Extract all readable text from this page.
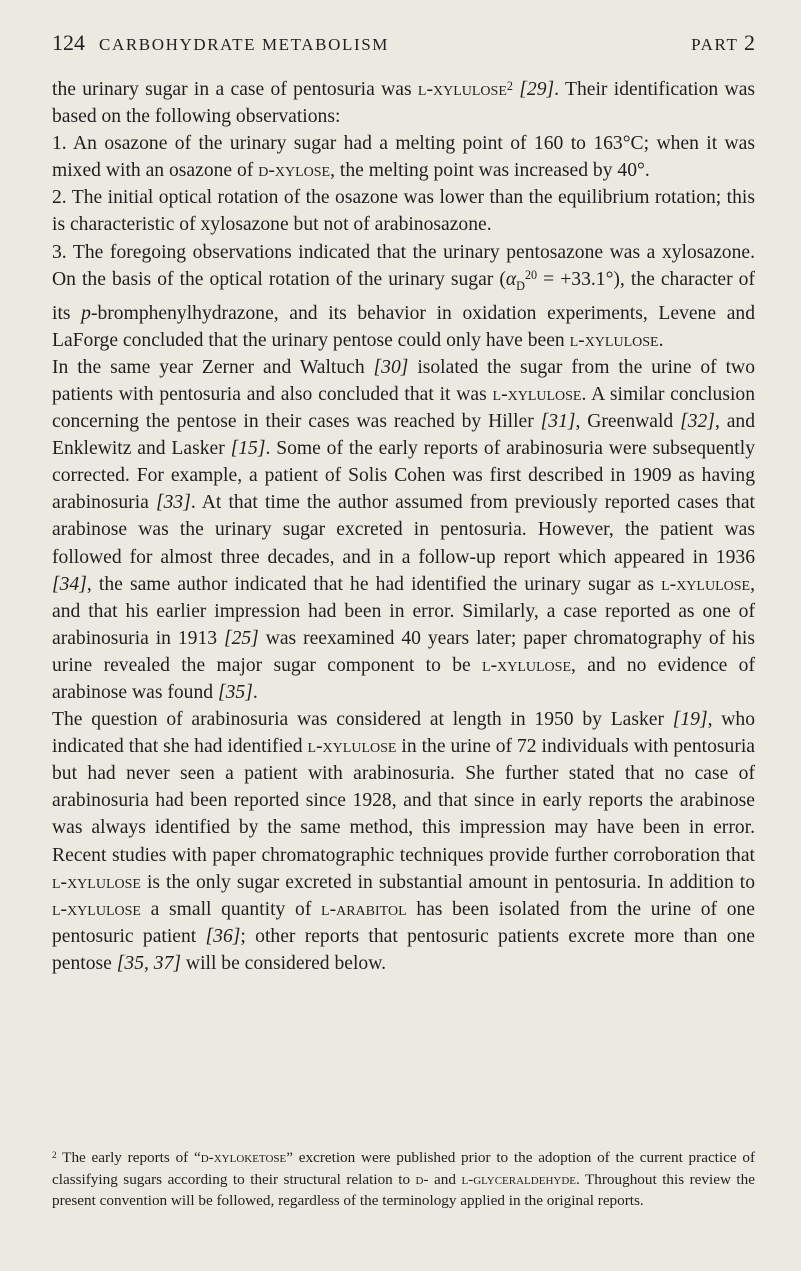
124 CARBOHYDRATE METABOLISM	PART 2

the urinary sugar in a case of pentosuria was l-xylulose$^2$ [29]. Their identification was based on the following observations:

1. An osazone of the urinary sugar had a melting point of 160 to 163°C; when it was mixed with an osazone of d-xylose, the melting point was increased by 40°.

2. The initial optical rotation of the osazone was lower than the equilibrium rotation; this is characteristic of xylosazone but not of arabinosazone.

3. The foregoing observations indicated that the urinary pentosazone was a xylosazone. On the basis of the optical rotation of the urinary sugar $(\alpha_D^{20} = +33.1^\circ)$, the character of its p-bromphenylhydrazone, and its behavior in oxidation experiments, Levene and LaForge concluded that the urinary pentose could only have been l-xylulose.

In the same year Zerner and Waltuch [30] isolated the sugar from the urine of two patients with pentosuria and also concluded that it was l-xylulose. A similar conclusion concerning the pentose in their cases was reached by Hiller [31], Greenwald [32], and Enklewitz and Lasker [15]. Some of the early reports of arabinosuria were subsequently corrected. For example, a patient of Solis Cohen was first described in 1909 as having arabinosuria [33]. At that time the author assumed from previously reported cases that arabinose was the urinary sugar excreted in pentosuria. However, the patient was followed for almost three decades, and in a follow-up report which appeared in 1936 [34], the same author indicated that he had identified the urinary sugar as l-xylulose, and that his earlier impression had been in error. Similarly, a case reported as one of arabinosuria in 1913 [25] was reexamined 40 years later; paper chromatography of his urine revealed the major sugar component to be l-xylulose, and no evidence of arabinose was found [35].

The question of arabinosuria was considered at length in 1950 by Lasker [19], who indicated that she had identified l-xylulose in the urine of 72 individuals with pentosuria but had never seen a patient with arabinosuria. She further stated that no case of arabinosuria had been reported since 1928, and that since in early reports the arabinose was always identified by the same method, this impression may have been in error. Recent studies with paper chromatographic techniques provide further corroboration that l-xylulose is the only sugar excreted in substantial amount in pentosuria. In addition to l-xylulose a small quantity of l-arabitol has been isolated from the urine of one pentosuric patient [36]; other reports that pentosuric patients excrete more than one pentose [35, 37] will be considered below.

$^2$ The early reports of “d-xyloketose” excretion were published prior to the adoption of the current practice of classifying sugars according to their structural relation to d- and l-glyceraldehyde. Throughout this review the present convention will be followed, regardless of the terminology applied in the original reports.
